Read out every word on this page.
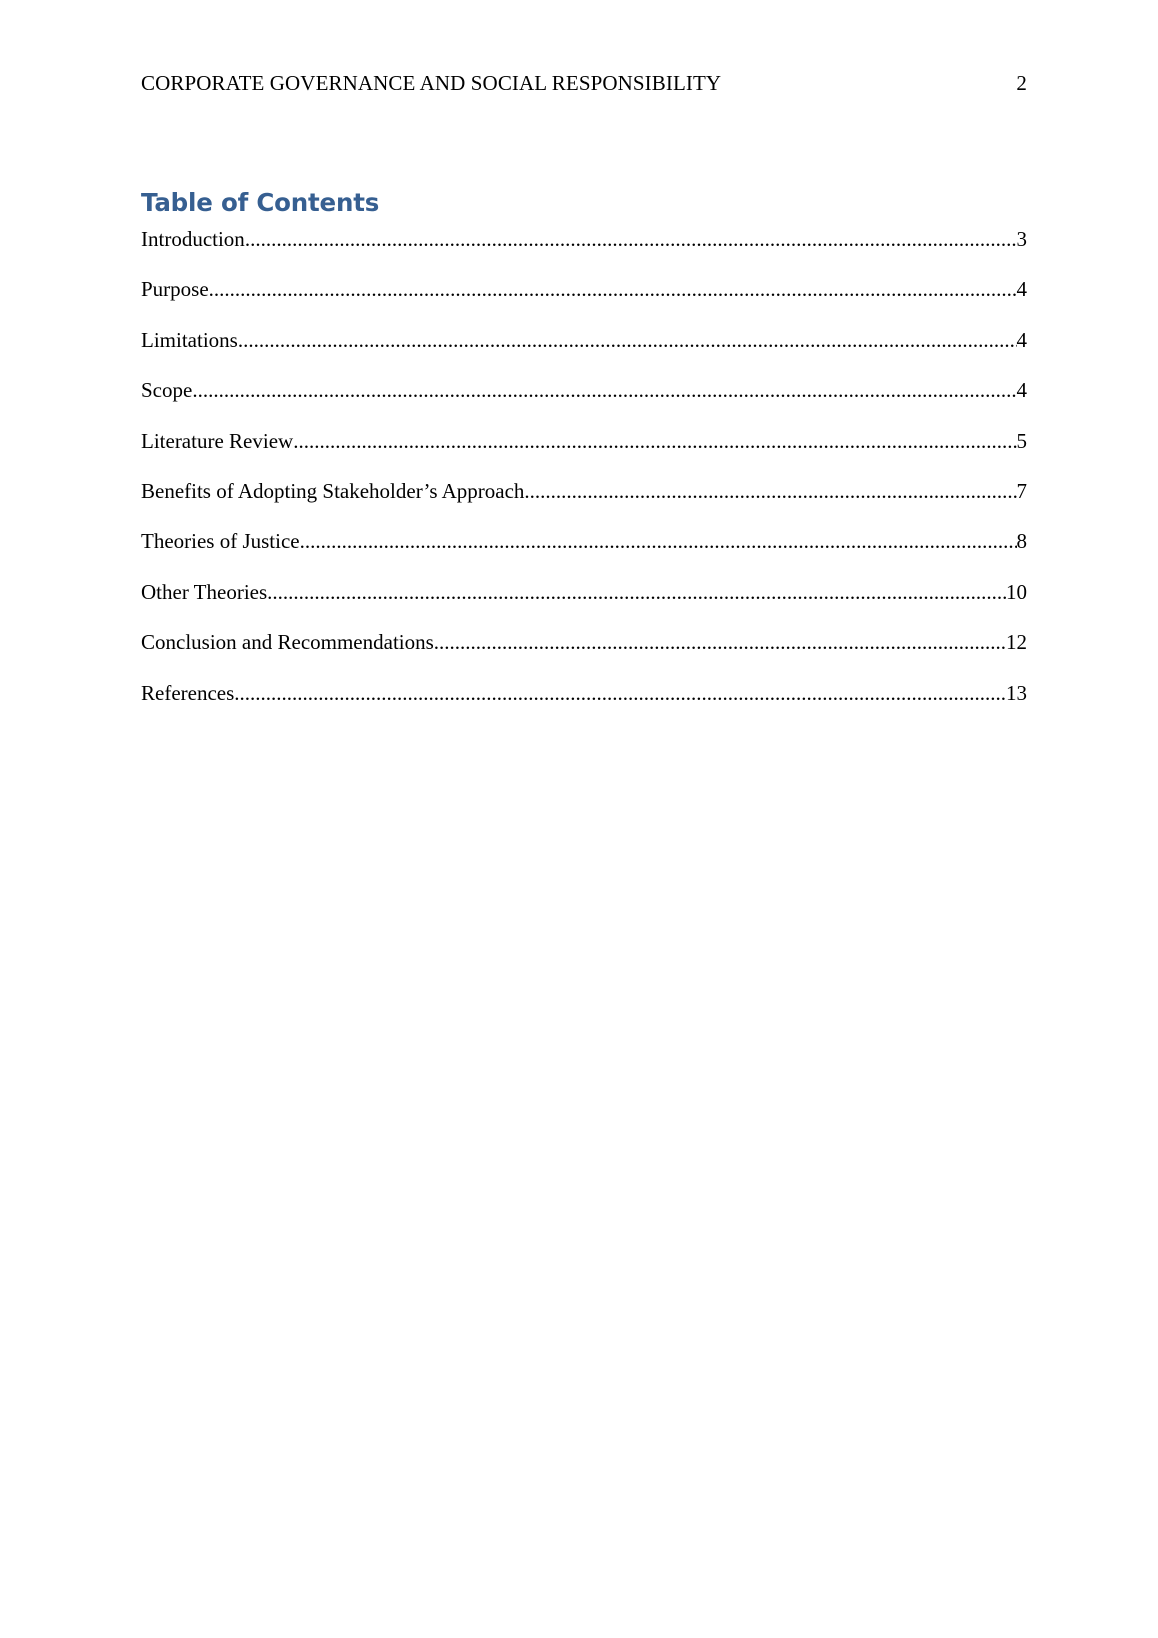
CORPORATE GOVERNANCE AND SOCIAL RESPONSIBILITY	2
Table of Contents
Introduction .....	3
Purpose .....	4
Limitations .....	4
Scope .....	4
Literature Review .....	5
Benefits of Adopting Stakeholder’s Approach .....	7
Theories of Justice .....	8
Other Theories .....	10
Conclusion and Recommendations .....	12
References .....	13
